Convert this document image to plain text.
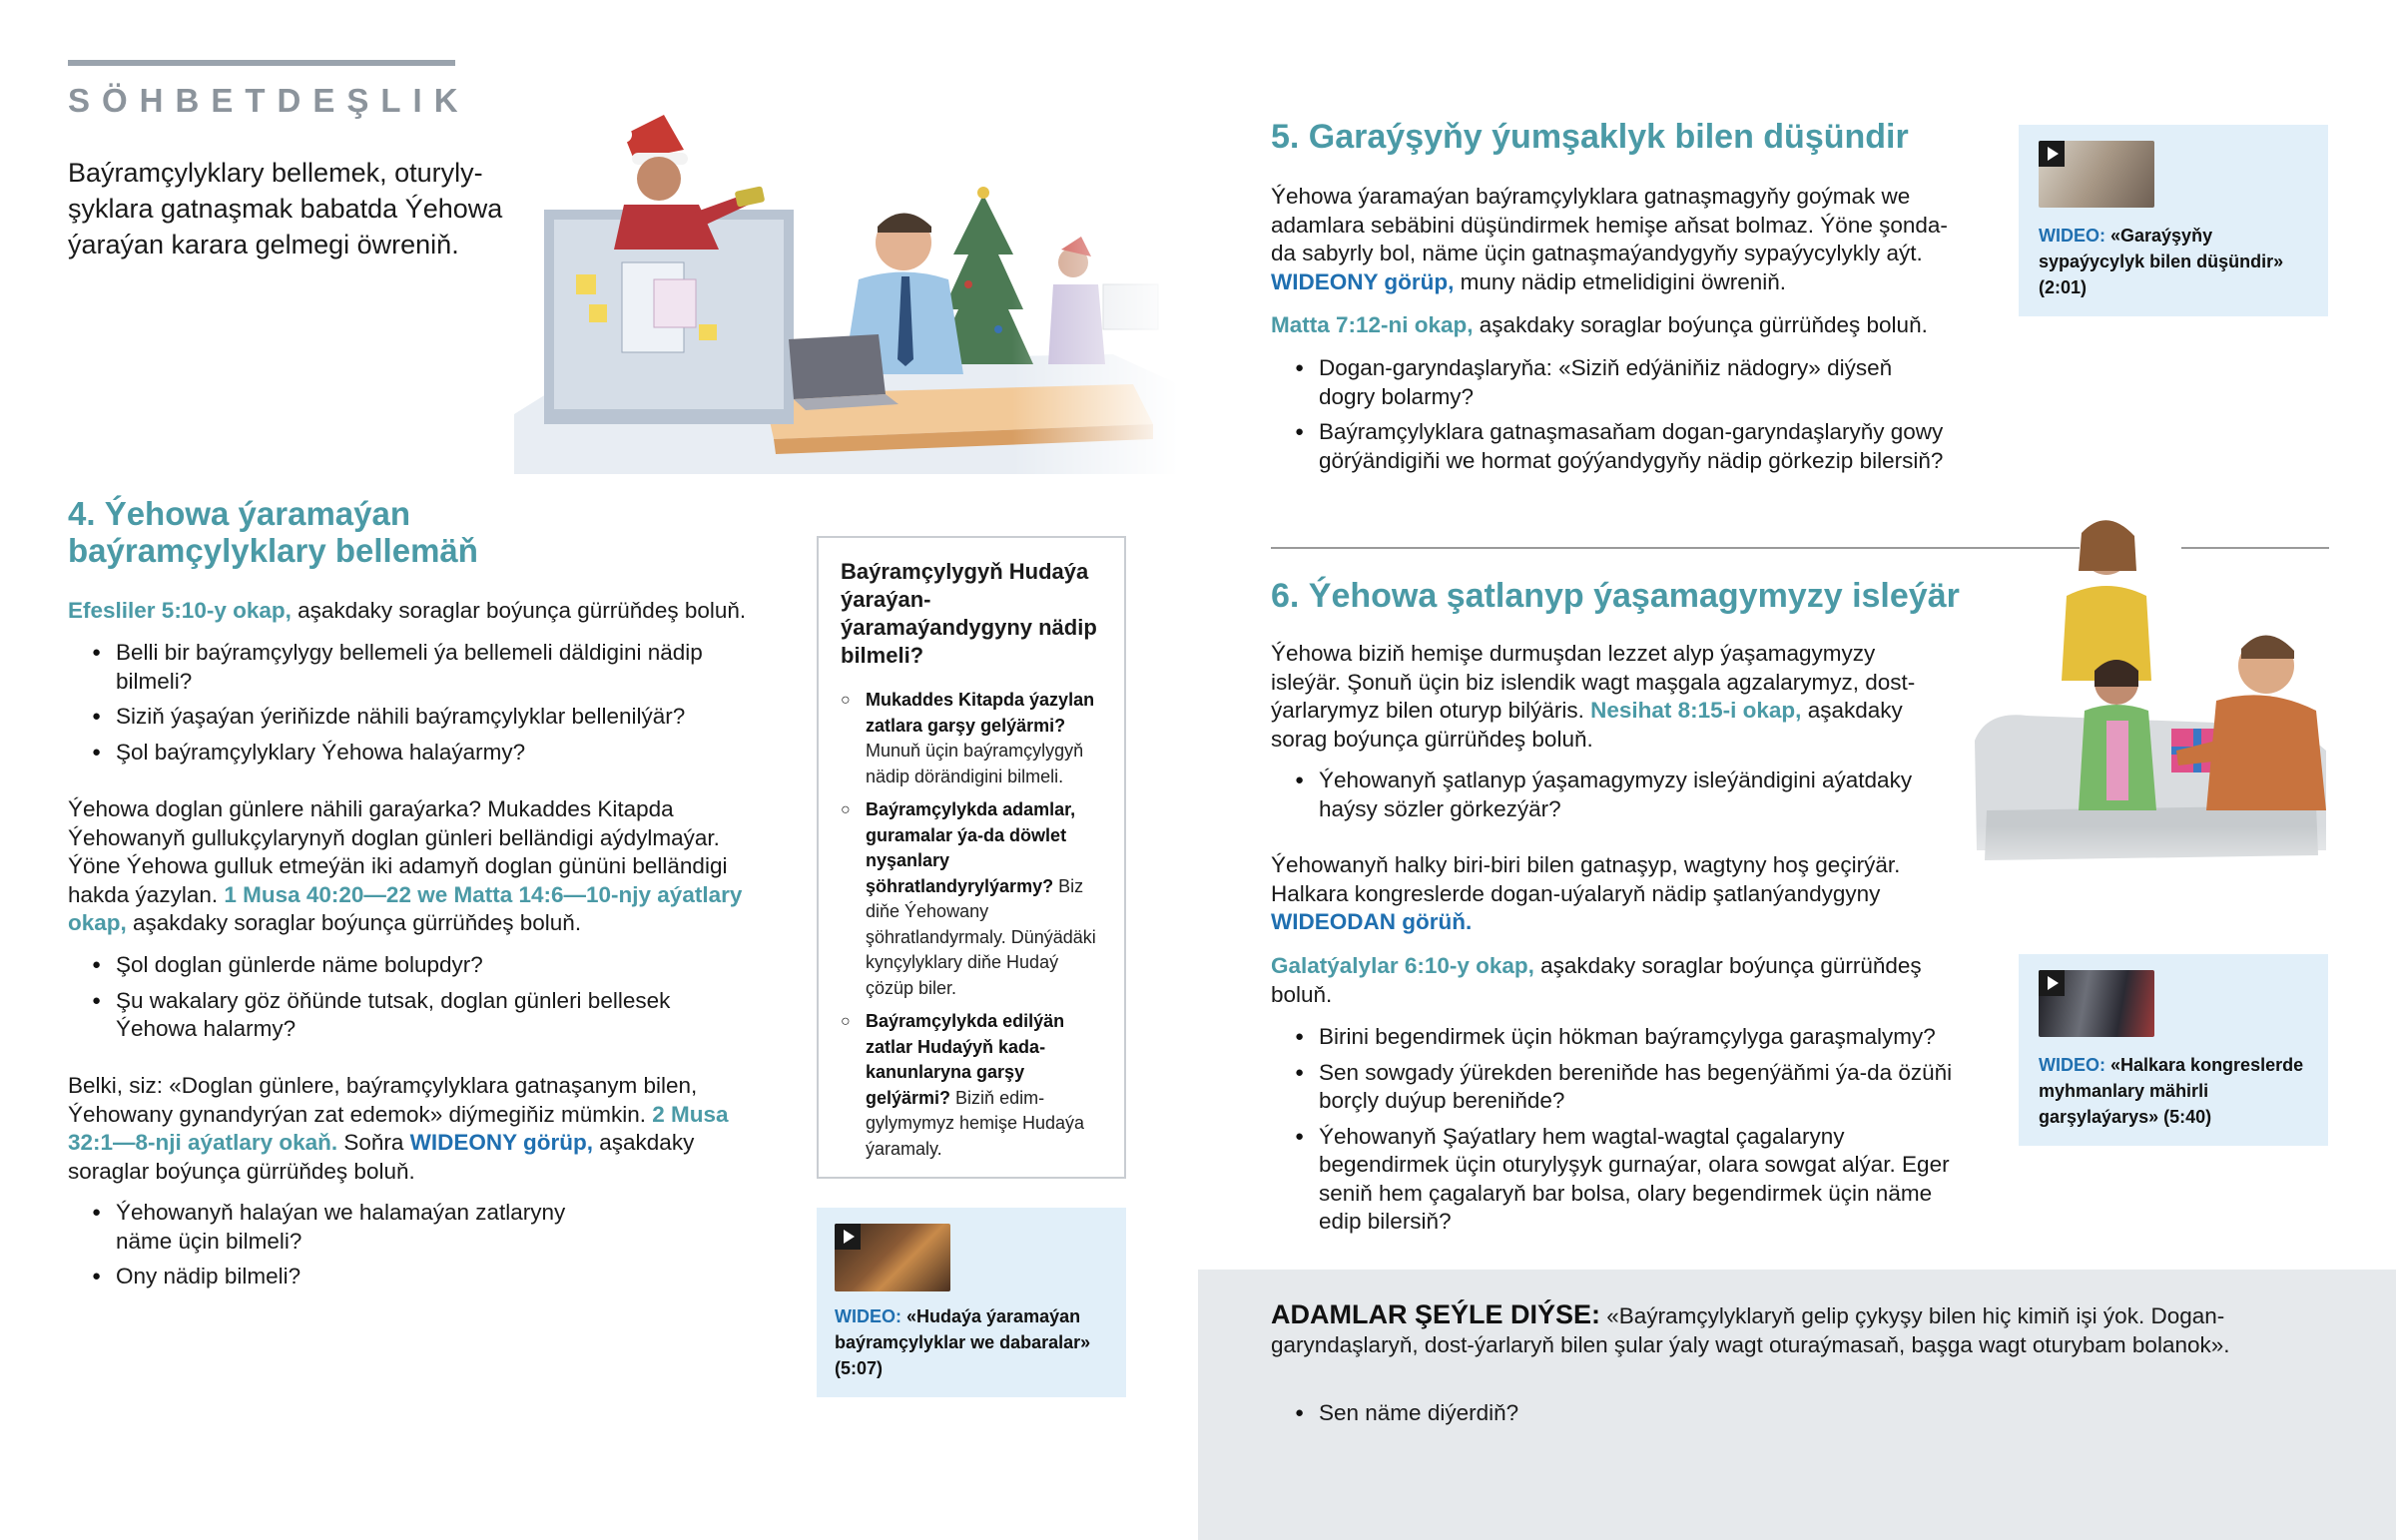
SÖHBETDEŞLIK
Baýramçylyklary bellemek, oturylyşyklara gatnaşmak babatda Ýehowa ýaraýan karara gelmegi öwreniň.
4. Ýehowa ýaramaýan baýramçylyklary bellemäň

Efesliler 5:10-y okap, aşakdaky soraglar boýunça gürrüňdeş boluň.

● Belli bir baýramçylygy bellemeli ýa bellemeli däldigini nädip bilmeli?
● Siziň ýaşaýan ýeriňizde nähili baýramçylyklar bellenilýär?
● Şol baýramçylyklary Ýehowa halaýarmy?

Ýehowa doglan günlere nähili garaýarka? Mukaddes Kitapda Ýehowanyň gullukçylarynyň doglan günleri belländigi aýdylmaýar. Ýöne Ýehowa gulluk etmeýän iki adamyň doglan gününi belländigi hakda ýazylan. 1 Musa 40:20—22 we Matta 14:6—10-njy aýatlary okap, aşakdaky soraglar boýunça gürrüňdeş boluň.

● Şol doglan günlerde näme bolupdyr?
● Şu wakalary göz öňünde tutsak, doglan günleri bellesek Ýehowa halarmy?

Belki, siz: «Doglan günlere, baýramçylyklara gatnaşanym bilen, Ýehowany gynandyrýan zat edemok» diýmegiňiz mümkin. 2 Musa 32:1—8-nji aýatlary okaň. Soňra WIDEONY görüp, aşakdaky soraglar boýunça gürrüňdeş boluň.

● Ýehowanyň halaýan we halamaýan zatlaryny näme üçin bilmeli?
● Ony nädip bilmeli?
Baýramçylygyň Hudaýa ýaraýan-ýaramaýandygyny nädip bilmeli?
○ Mukaddes Kitapda ýazylan zatlara garşy gelýärmi? Munuň üçin baýramçylygyň nädip dörändigini bilmeli.
○ Baýramçylykda adamlar, guramalar ýa-da döwlet nyşanlary şöhratlandyrylýarmy? Biz diňe Ýehowany şöhratlandyrmaly. Dünýädäki kynçylyklary diňe Hudaý çözüp biler.
○ Baýramçylykda edilýän zatlar Hudaýyň kada-kanunlaryna garşy gelýärmi? Biziň edim-gylymymyz hemişe Hudaýa ýaramaly.
WIDEO: «Hudaýa ýaramaýan baýramçylyklar we dabaralar» (5:07)
5. Garaýşyňy ýumşaklyk bilen düşündir

Ýehowa ýaramaýan baýramçylyklara gatnaşmagyňy goýmak we adamlara sebäbini düşündirmek hemişe aňsat bolmaz. Ýöne şonda-da sabyrly bol, näme üçin gatnaşmaýandygyňy sypaýycylykly aýt. WIDEONY görüp, muny nädip etmelidigini öwreniň.

Matta 7:12-ni okap, aşakdaky soraglar boýunça gürrüňdeş boluň.

● Dogan-garyndaşlaryňa: «Siziň edýäniňiz nädogry» diýseň dogry bolarmy?
● Baýramçylyklara gatnaşmasaňam dogan-garyndaşlaryňy gowy görýändigiňi we hormat goýýandygyňy nädip görkezip bilersiň?
WIDEO: «Garaýşyňy sypaýycylyk bilen düşündir» (2:01)
6. Ýehowa şatlanyp ýaşamagymyzy isleýär

Ýehowa biziň hemişe durmuşdan lezzet alyp ýaşamagymyzy isleýär. Şonuň üçin biz islendik wagt maşgala agzalarymyz, dost-ýarlarymyz bilen oturyp bilýäris. Nesihat 8:15-i okap, aşakdaky sorag boýunça gürrüňdeş boluň.

● Ýehowanyň şatlanyp ýaşamagymyzy isleýändigini aýatdaky haýsy sözler görkezýär?

Ýehowanyň halky biri-biri bilen gatnaşyp, wagtyny hoş geçirýär. Halkara kongreslerde dogan-uýalaryň nädip şatlanýandygyny WIDEODAN görüň.

Galatýalylar 6:10-y okap, aşakdaky soraglar boýunça gürrüňdeş boluň.

● Birini begendirmek üçin hökman baýramçylyga garaşmalymy?
● Sen sowgady ýürekden bereniňde has begenýäňmi ýa-da özüňi borçly duýup bereniňde?
● Ýehowanyň Şaýatlary hem wagtal-wagtal çagalaryny begendirmek üçin oturylyşyk gurnaýar, olara sowgat alýar. Eger seniň hem çagalaryň bar bolsa, olary begendirmek üçin näme edip bilersiň?
WIDEO: «Halkara kongreslerde myhmanlary mähirli garşylaýarys» (5:40)

ADAMLAR ŞEÝLE DIÝSE: «Baýramçylyklaryň gelip çykyşy bilen hiç kimiň işi ýok. Dogan-garyndaşlaryň, dost-ýarlaryň bilen şular ýaly wagt oturaýmasaň, başga wagt oturybam bolanok».

● Sen näme diýerdiň?
